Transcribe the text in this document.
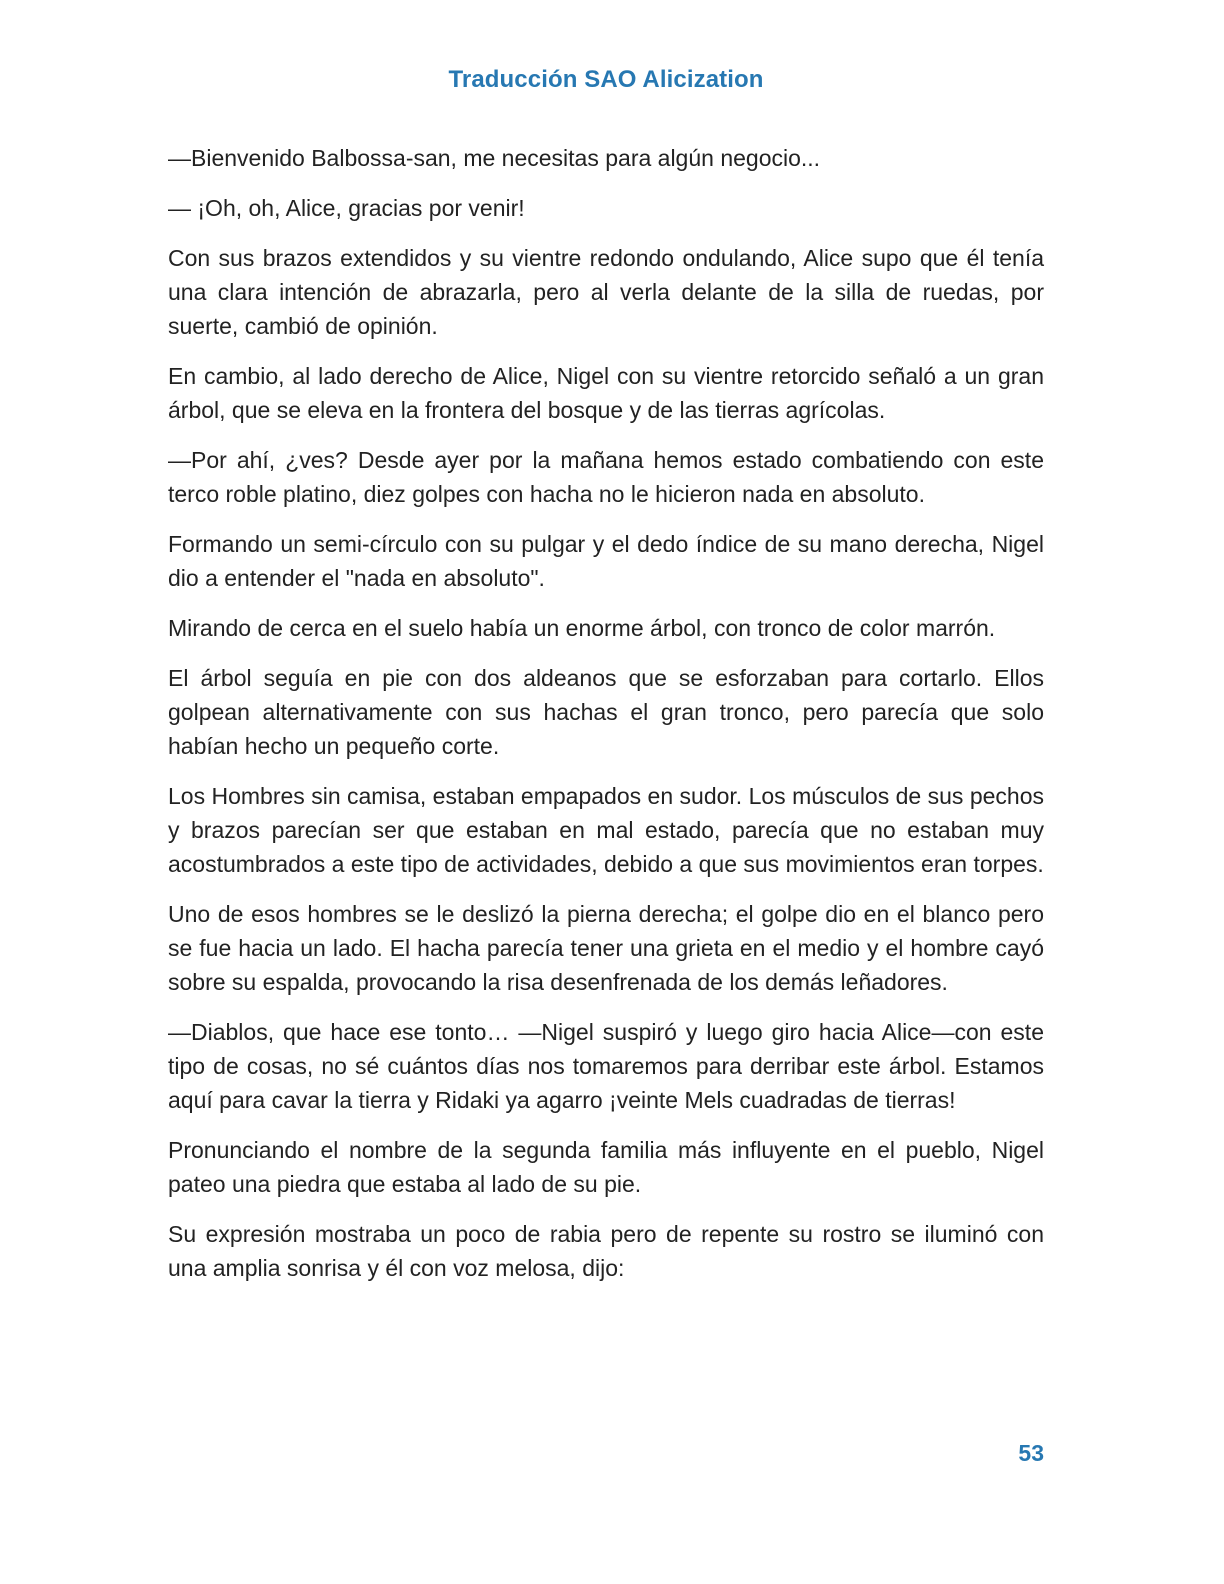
Traducción SAO Alicization

—Bienvenido Balbossa-san, me necesitas para algún negocio...

— ¡Oh, oh, Alice, gracias por venir!

Con sus brazos extendidos y su vientre redondo ondulando, Alice supo que él tenía una clara intención de abrazarla, pero al verla delante de la silla de ruedas, por suerte, cambió de opinión.

En cambio, al lado derecho de Alice, Nigel con su vientre retorcido señaló a un gran árbol, que se eleva en la frontera del bosque y de las tierras agrícolas.

—Por ahí, ¿ves? Desde ayer por la mañana hemos estado combatiendo con este terco roble platino, diez golpes con hacha no le hicieron nada en absoluto.

Formando un semi-círculo con su pulgar y el dedo índice de su mano derecha, Nigel dio a entender el "nada en absoluto".

Mirando de cerca en el suelo había un enorme árbol, con tronco de color marrón.

El árbol seguía en pie con dos aldeanos que se esforzaban para cortarlo. Ellos golpean alternativamente con sus hachas el gran tronco, pero parecía que solo habían hecho un pequeño corte.

Los Hombres sin camisa, estaban empapados en sudor. Los músculos de sus pechos y brazos parecían ser que estaban en mal estado, parecía que no estaban muy acostumbrados a este tipo de actividades, debido a que sus movimientos eran torpes.

Uno de esos hombres se le deslizó la pierna derecha; el golpe dio en el blanco pero se fue hacia un lado. El hacha parecía tener una grieta en el medio y el hombre cayó sobre su espalda, provocando la risa desenfrenada de los demás leñadores.

—Diablos, que hace ese tonto… —Nigel suspiró y luego giro hacia Alice—con este tipo de cosas, no sé cuántos días nos tomaremos para derribar este árbol. Estamos aquí para cavar la tierra y Ridaki ya agarro ¡veinte Mels cuadradas de tierras!

Pronunciando el nombre de la segunda familia más influyente en el pueblo, Nigel pateo una piedra que estaba al lado de su pie.

Su expresión mostraba un poco de rabia pero de repente su rostro se iluminó con una amplia sonrisa y él con voz melosa, dijo:

53
